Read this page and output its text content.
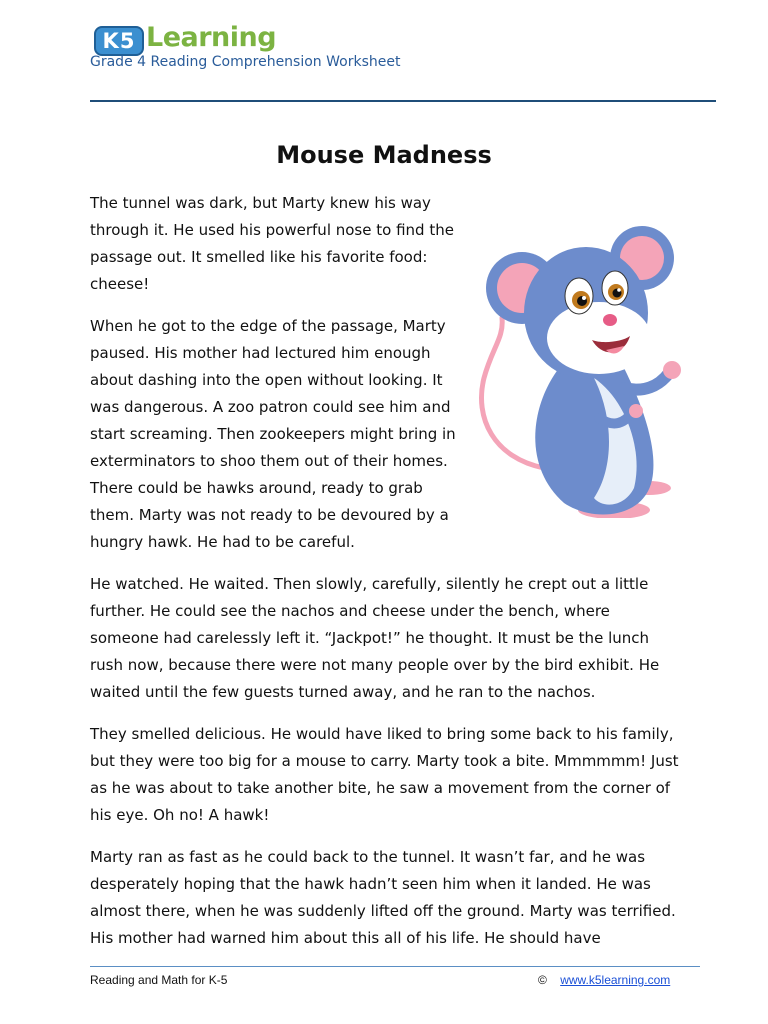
K5 Learning
Grade 4 Reading Comprehension Worksheet
Mouse Madness

The tunnel was dark, but Marty knew his way through it. He used his powerful nose to find the passage out. It smelled like his favorite food: cheese!

When he got to the edge of the passage, Marty paused. His mother had lectured him enough about dashing into the open without looking. It was dangerous. A zoo patron could see him and start screaming. Then zookeepers might bring in exterminators to shoo them out of their homes. There could be hawks around, ready to grab them. Marty was not ready to be devoured by a hungry hawk. He had to be careful.

He watched. He waited. Then slowly, carefully, silently he crept out a little further. He could see the nachos and cheese under the bench, where someone had carelessly left it. “Jackpot!” he thought. It must be the lunch rush now, because there were not many people over by the bird exhibit. He waited until the few guests turned away, and he ran to the nachos.

They smelled delicious. He would have liked to bring some back to his family, but they were too big for a mouse to carry. Marty took a bite. Mmmmmm! Just as he was about to take another bite, he saw a movement from the corner of his eye. Oh no! A hawk!

Marty ran as fast as he could back to the tunnel. It wasn’t far, and he was desperately hoping that the hawk hadn’t seen him when it landed. He was almost there, when he was suddenly lifted off the ground. Marty was terrified. His mother had warned him about this all of his life. He should have

Reading and Math for K-5	© www.k5learning.com
